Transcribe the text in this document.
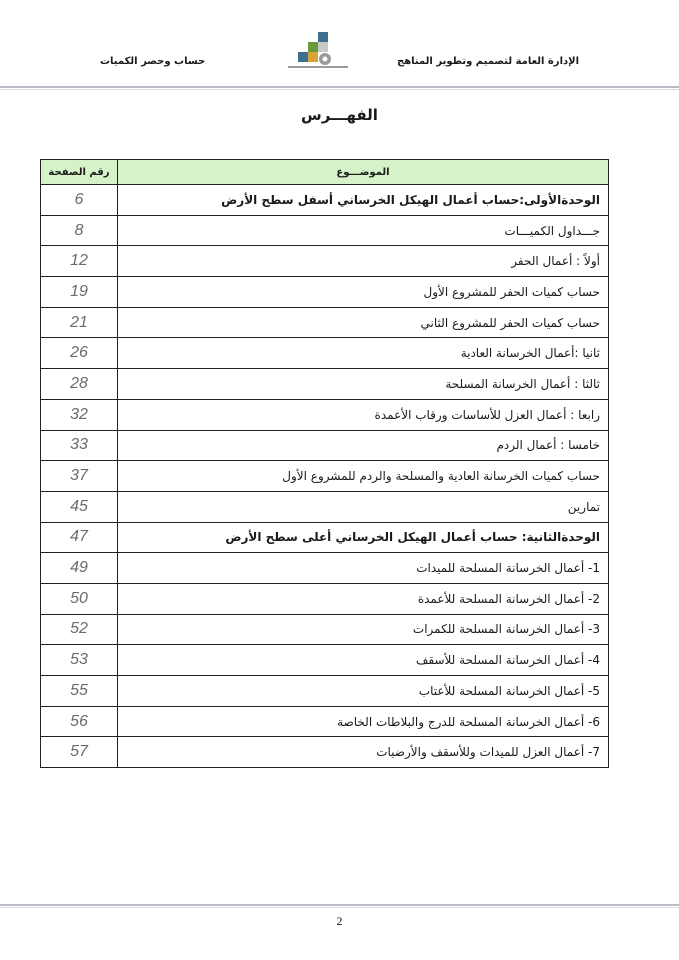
الإدارة العامة لتصميم وتطوير المناهج
حساب وحصر الكميات
الفهـــرس
رقم الصفحة	الموضـــوع
6	الوحدةالأولى:حساب أعمال الهيكل الخرساني أسفل سطح الأرض
8	جـــداول الكميـــات
12	أولاً : أعمال الحفر
19	حساب كميات الحفر للمشروع الأول
21	حساب كميات الحفر للمشروع الثاني
26	ثانيا :أعمال الخرسانة العادية
28	ثالثا : أعمال الخرسانة المسلحة
32	رابعا : أعمال العزل للأساسات ورقاب الأعمدة
33	خامسا : أعمال الردم
37	حساب كميات الخرسانة العادية والمسلحة والردم للمشروع الأول
45	تمارين
47	الوحدةالثانية: حساب أعمال الهيكل الخرساني أعلى سطح الأرض
49	1- أعمال الخرسانة المسلحة للميدات
50	2- أعمال الخرسانة المسلحة للأعمدة
52	3- أعمال الخرسانة المسلحة للكمرات
53	4- أعمال الخرسانة المسلحة للأسقف
55	5- أعمال الخرسانة المسلحة للأعتاب
56	6- أعمال الخرسانة المسلحة للدرج والبلاطات الخاصة
57	7- أعمال العزل للميدات وللأسقف والأرضيات
2
